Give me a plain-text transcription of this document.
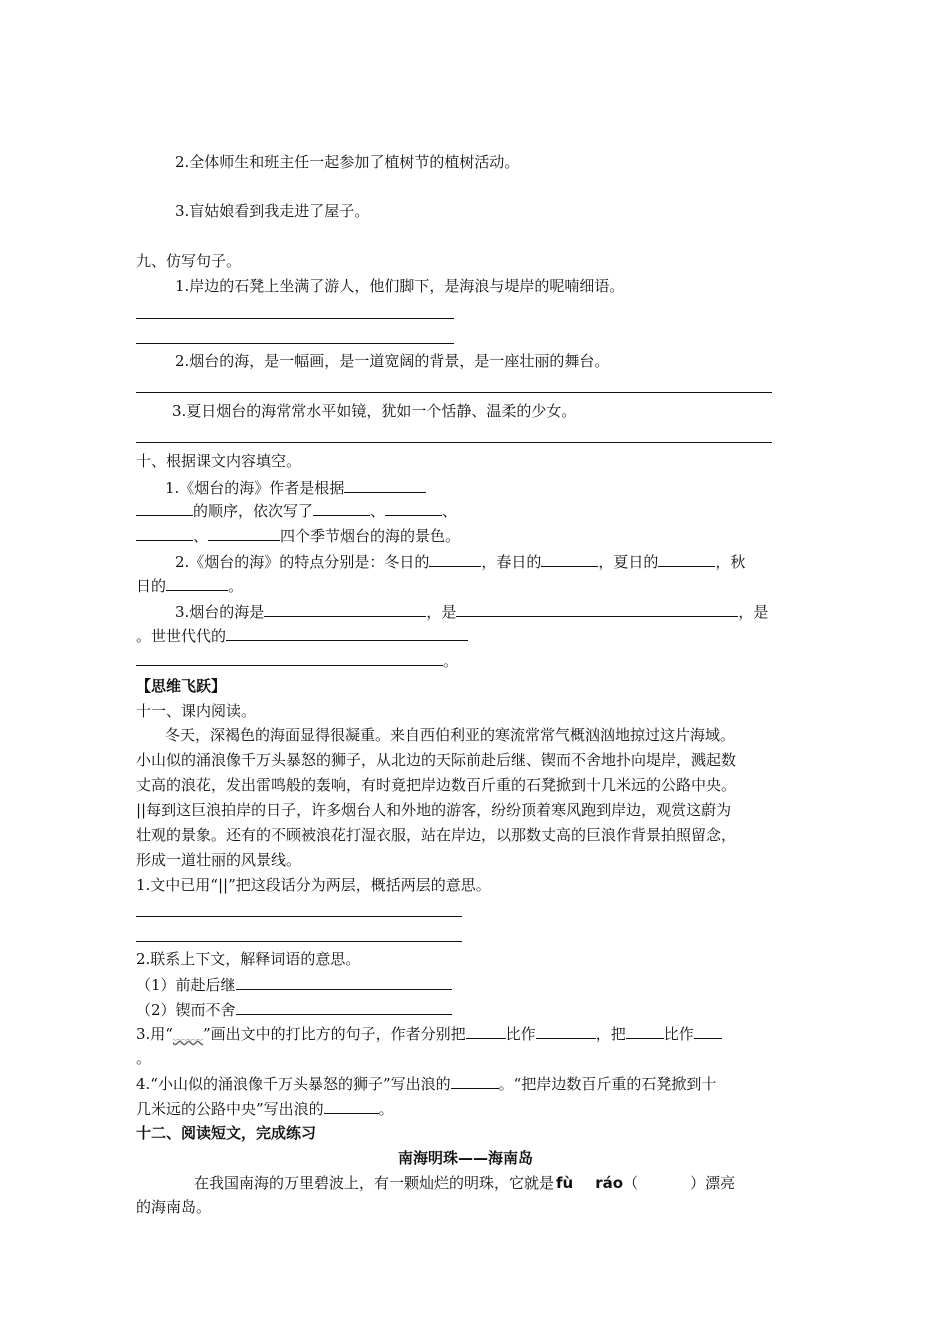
2.全体师生和班主任一起参加了植树节的植树活动。
3.盲姑娘看到我走进了屋子。
九、仿写句子。
1.岸边的石凳上坐满了游人，他们脚下，是海浪与堤岸的呢喃细语。
2.烟台的海，是一幅画，是一道宽阔的背景，是一座壮丽的舞台。
3.夏日烟台的海常常水平如镜，犹如一个恬静、温柔的少女。
十、根据课文内容填空。
1.《烟台的海》作者是根据
的顺序，依次写了	、	、
、	四个季节烟台的海的景色。
2.《烟台的海》的特点分别是：冬日的	，春日的	，夏日的	，秋
日的	。
3.烟台的海是	，是	，是
。世世代代的
。
【思维飞跃】
十一、课内阅读。
冬天，深褐色的海面显得很凝重。来自西伯利亚的寒流常常气概汹汹地掠过这片海域。
小山似的涌浪像千万头暴怒的狮子，从北边的天际前赴后继、锲而不舍地扑向堤岸，溅起数
丈高的浪花，发出雷鸣般的轰响，有时竟把岸边数百斤重的石凳掀到十几米远的公路中央。
||每到这巨浪拍岸的日子，许多烟台人和外地的游客，纷纷顶着寒风跑到岸边，观赏这蔚为
壮观的景象。还有的不顾被浪花打湿衣服，站在岸边，以那数丈高的巨浪作背景拍照留念，
形成一道壮丽的风景线。
1.文中已用“||”把这段话分为两层，概括两层的意思。
2.联系上下文，解释词语的意思。
（1）前赴后继
（2）锲而不舍
3.用“﹏﹏”画出文中的打比方的句子，作者分别把	比作	，把	比作
。
4.“小山似的涌浪像千万头暴怒的狮子”写出浪的	。“把岸边数百斤重的石凳掀到十
几米远的公路中央”写出浪的	。
十二、阅读短文，完成练习
南海明珠——海南岛
在我国南海的万里碧波上，有一颗灿烂的明珠，它就是 fù ráo（	）漂亮
的海南岛。
